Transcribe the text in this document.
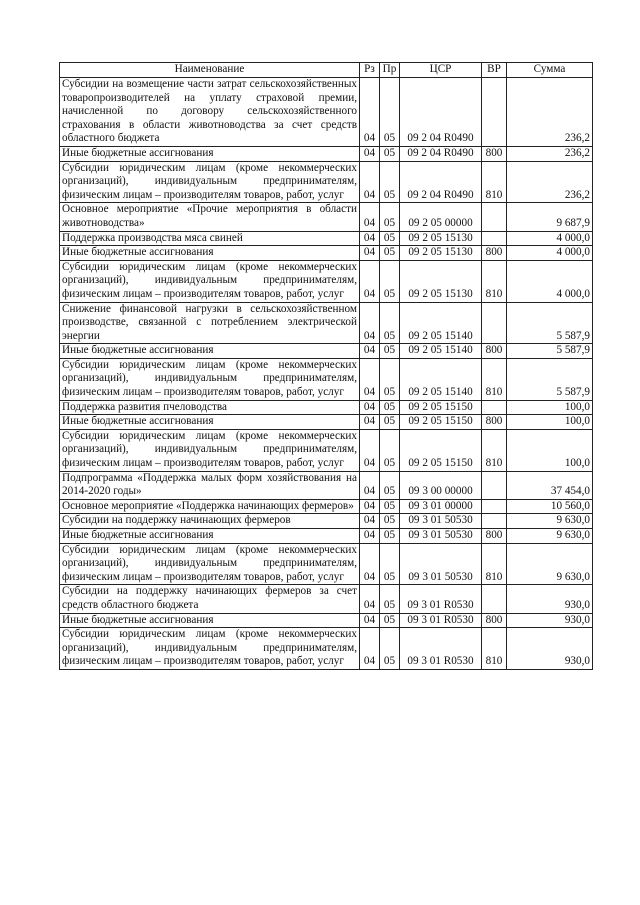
Наименование	Рз	Пр	ЦСР	ВР	Сумма
Субсидии на возмещение части затрат сельскохозяйственных товаропроизводителей на уплату страховой премии, начисленной по договору сельскохозяйственного страхования в области животноводства за счет средств областного бюджета	04	05	09 2 04 R0490		236,2
Иные бюджетные ассигнования	04	05	09 2 04 R0490	800	236,2
Субсидии юридическим лицам (кроме некоммерческих организаций), индивидуальным предпринимателям, физическим лицам – производителям товаров, работ, услуг	04	05	09 2 04 R0490	810	236,2
Основное мероприятие «Прочие мероприятия в области животноводства»	04	05	09 2 05 00000		9 687,9
Поддержка производства мяса свиней	04	05	09 2 05 15130		4 000,0
Иные бюджетные ассигнования	04	05	09 2 05 15130	800	4 000,0
Субсидии юридическим лицам (кроме некоммерческих организаций), индивидуальным предпринимателям, физическим лицам – производителям товаров, работ, услуг	04	05	09 2 05 15130	810	4 000,0
Снижение финансовой нагрузки в сельскохозяйственном производстве, связанной с потреблением электрической энергии	04	05	09 2 05 15140		5 587,9
Иные бюджетные ассигнования	04	05	09 2 05 15140	800	5 587,9
Субсидии юридическим лицам (кроме некоммерческих организаций), индивидуальным предпринимателям, физическим лицам – производителям товаров, работ, услуг	04	05	09 2 05 15140	810	5 587,9
Поддержка развития пчеловодства	04	05	09 2 05 15150		100,0
Иные бюджетные ассигнования	04	05	09 2 05 15150	800	100,0
Субсидии юридическим лицам (кроме некоммерческих организаций), индивидуальным предпринимателям, физическим лицам – производителям товаров, работ, услуг	04	05	09 2 05 15150	810	100,0
Подпрограмма «Поддержка малых форм хозяйствования на 2014-2020 годы»	04	05	09 3 00 00000		37 454,0
Основное мероприятие «Поддержка начинающих фермеров»	04	05	09 3 01 00000		10 560,0
Субсидии на поддержку начинающих фермеров	04	05	09 3 01 50530		9 630,0
Иные бюджетные ассигнования	04	05	09 3 01 50530	800	9 630,0
Субсидии юридическим лицам (кроме некоммерческих организаций), индивидуальным предпринимателям, физическим лицам – производителям товаров, работ, услуг	04	05	09 3 01 50530	810	9 630,0
Субсидии на поддержку начинающих фермеров за счет средств областного бюджета	04	05	09 3 01 R0530		930,0
Иные бюджетные ассигнования	04	05	09 3 01 R0530	800	930,0
Субсидии юридическим лицам (кроме некоммерческих организаций), индивидуальным предпринимателям, физическим лицам – производителям товаров, работ, услуг	04	05	09 3 01 R0530	810	930,0
